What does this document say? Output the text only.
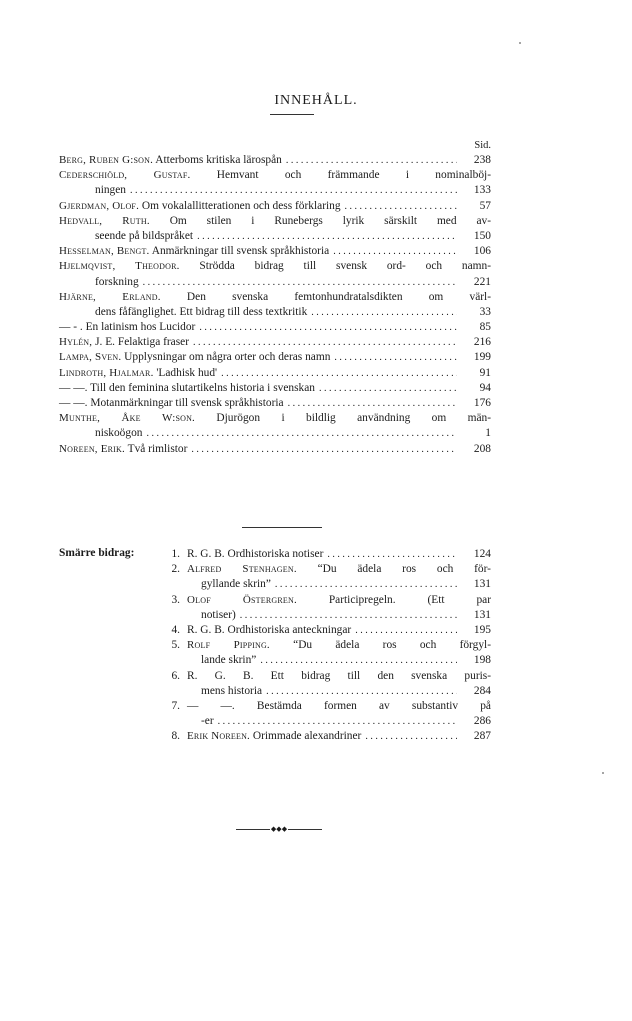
INNEHÅLL.
Sid.
Berg, Ruben G:son. Atterboms kritiska lärospån . . .	238
Cederschiöld, Gustaf. Hemvant och främmande i nominalböj-
ningen . . .	133
Gjerdman, Olof. Om vokalallitterationen och dess förklaring . . .	57
Hedvall, Ruth. Om stilen i Runebergs lyrik särskilt med av-
seende på bildspråket . . .	150
Hesselman, Bengt. Anmärkningar till svensk språkhistoria . . .	106
Hjelmqvist, Theodor. Strödda bidrag till svensk ord- och namn-
forskning . . .	221
Hjärne, Erland. Den svenska femtonhundratalsdikten om värl-
dens fåfänglighet. Ett bidrag till dess textkritik . . .	33
— - . En latinism hos Lucidor . . .	85
Hylén, J. E. Felaktiga fraser . . .	216
Lampa, Sven. Upplysningar om några orter och deras namn . . .	199
Lindroth, Hjalmar. 'Ladhisk hud' . . .	91
— —. Till den feminina slutartikelns historia i svenskan . . .	94
— —. Motanmärkningar till svensk språkhistoria . . .	176
Munthe, Åke W:son. Djurögon i bildlig användning om män-
niskoögon . . .	1
Noreen, Erik. Två rimlistor . . .	208
Smärre bidrag:	1. R. G. B. Ordhistoriska notiser . . .	124
2. Alfred Stenhagen. “Du ädela ros och för-
gyllande skrin” . . .	131
3. Olof Östergren. Participregeln. (Ett par
notiser) . . .	131
4. R. G. B. Ordhistoriska anteckningar . . .	195
5. Rolf Pipping. “Du ädela ros och förgyl-
lande skrin” . . .	198
6. R. G. B. Ett bidrag till den svenska puris-
mens historia . . .	284
7. — —. Bestämda formen av substantiv på
-er . . .	286
8. Erik Noreen. Orimmade alexandriner . . .	287
◆◆◆
